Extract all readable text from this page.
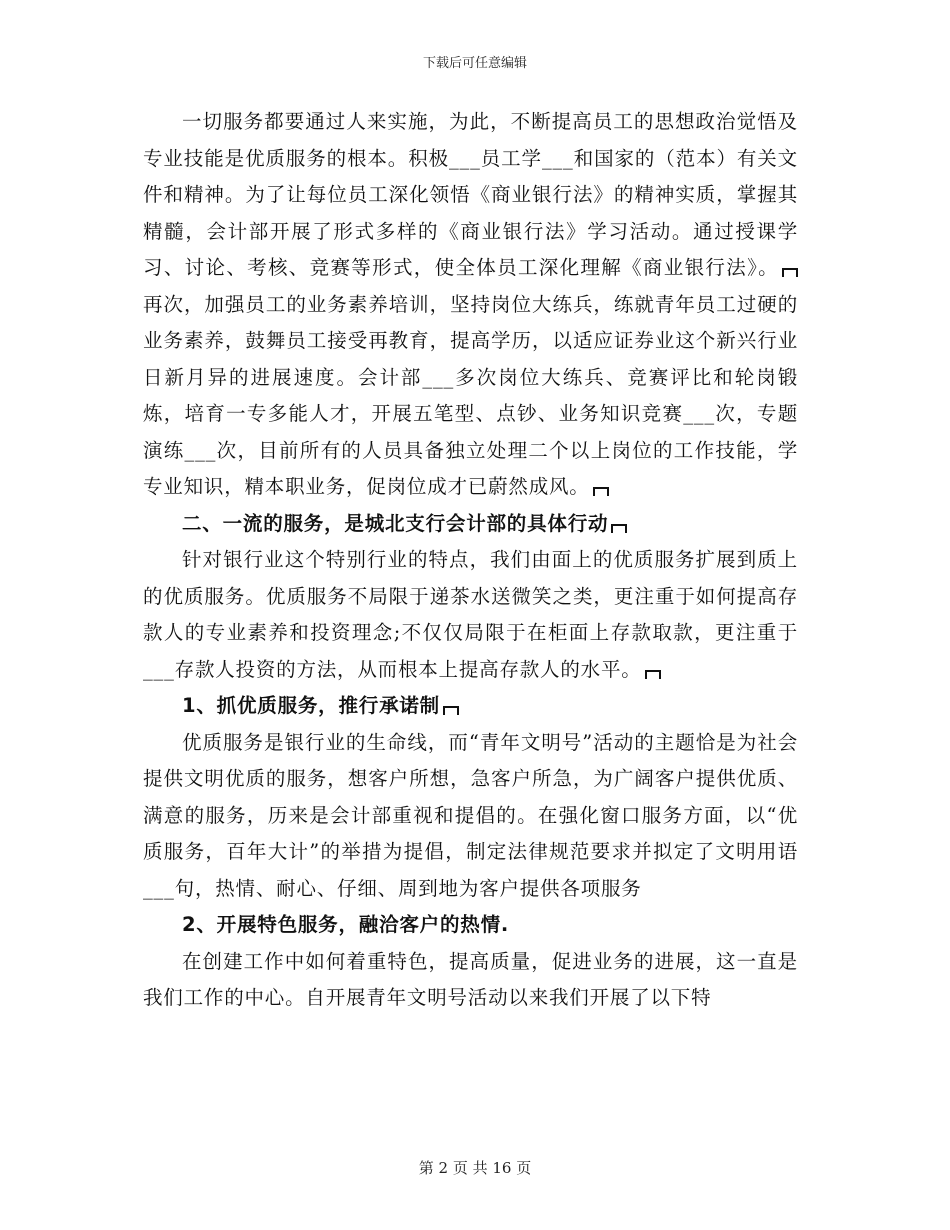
下载后可任意编辑

一切服务都要通过人来实施，为此，不断提高员工的思想政治觉悟及专业技能是优质服务的根本。积极___员工学___和国家的（范本）有关文件和精神。为了让每位员工深化领悟《商业银行法》的精神实质，掌握其精髓，会计部开展了形式多样的《商业银行法》学习活动。通过授课学习、讨论、考核、竞赛等形式，使全体员工深化理解《商业银行法》。再次，加强员工的业务素养培训，坚持岗位大练兵，练就青年员工过硬的业务素养，鼓舞员工接受再教育，提高学历，以适应证券业这个新兴行业日新月异的进展速度。会计部___多次岗位大练兵、竞赛评比和轮岗锻炼，培育一专多能人才，开展五笔型、点钞、业务知识竞赛___次，专题演练___次，目前所有的人员具备独立处理二个以上岗位的工作技能，学专业知识，精本职业务，促岗位成才已蔚然成风。

二、一流的服务，是城北支行会计部的具体行动

针对银行业这个特别行业的特点，我们由面上的优质服务扩展到质上的优质服务。优质服务不局限于递茶水送微笑之类，更注重于如何提高存款人的专业素养和投资理念;不仅仅局限于在柜面上存款取款，更注重于___存款人投资的方法，从而根本上提高存款人的水平。

1、抓优质服务，推行承诺制

优质服务是银行业的生命线，而“青年文明号”活动的主题恰是为社会提供文明优质的服务，想客户所想，急客户所急，为广阔客户提供优质、满意的服务，历来是会计部重视和提倡的。在强化窗口服务方面，以“优质服务，百年大计”的举措为提倡，制定法律规范要求并拟定了文明用语___句，热情、耐心、仔细、周到地为客户提供各项服务

2、开展特色服务，融洽客户的热情.

在创建工作中如何着重特色，提高质量，促进业务的进展，这一直是我们工作的中心。自开展青年文明号活动以来我们开展了以下特

第 2 页 共 16 页
